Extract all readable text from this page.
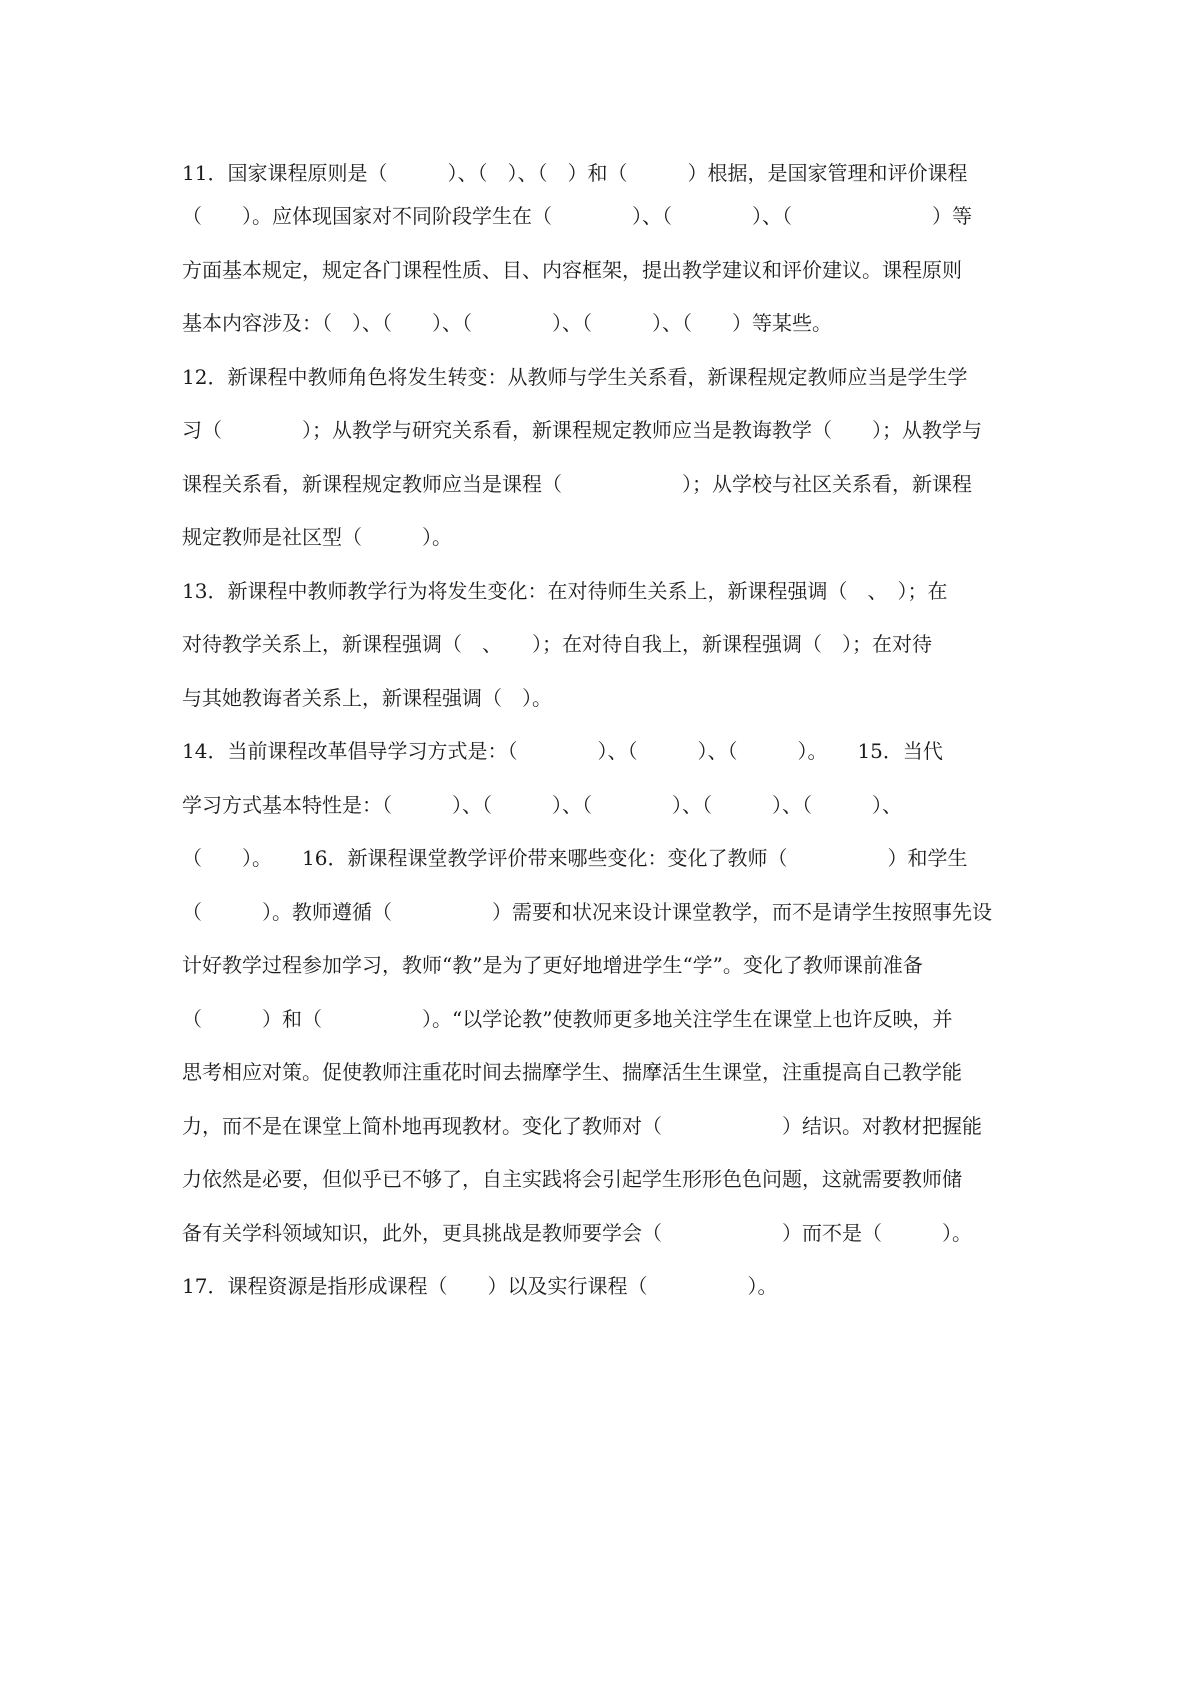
11．国家课程原则是（　　　）、（　）、（　）和（　　　）根据，是国家管理和评价课程
（　　）。应体现国家对不同阶段学生在（　　　　）、（　　　　）、（　　　　　　　）等
方面基本规定，规定各门课程性质、目、内容框架，提出教学建议和评价建议。课程原则
基本内容涉及：（　）、（　　）、（　　　　）、（　　　）、（　　）等某些。
12．新课程中教师角色将发生转变：从教师与学生关系看，新课程规定教师应当是学生学
习（　　　　）；从教学与研究关系看，新课程规定教师应当是教诲教学（　　）；从教学与
课程关系看，新课程规定教师应当是课程（　　　　　　）；从学校与社区关系看，新课程
规定教师是社区型（　　　）。
13．新课程中教师教学行为将发生变化：在对待师生关系上，新课程强调（　、　）；在
对待教学关系上，新课程强调（　、　　）；在对待自我上，新课程强调（　）；在对待
与其她教诲者关系上，新课程强调（　）。
14．当前课程改革倡导学习方式是：（　　　　）、（　　　）、（　　　）。　　15．当代
学习方式基本特性是：（　　　）、（　　　）、（　　　　）、（　　　）、（　　　）、
（　　）。　　16．新课程课堂教学评价带来哪些变化：变化了教师（　　　　　）和学生
（　　　）。教师遵循（　　　　　）需要和状况来设计课堂教学，而不是请学生按照事先设
计好教学过程参加学习，教师“教”是为了更好地增进学生“学”。变化了教师课前准备
（　　　）和（　　　　　）。“以学论教”使教师更多地关注学生在课堂上也许反映，并
思考相应对策。促使教师注重花时间去揣摩学生、揣摩活生生课堂，注重提高自己教学能
力，而不是在课堂上简朴地再现教材。变化了教师对（　　　　　　）结识。对教材把握能
力依然是必要，但似乎已不够了，自主实践将会引起学生形形色色问题，这就需要教师储
备有关学科领域知识，此外，更具挑战是教师要学会（　　　　　　）而不是（　　　）。
17．课程资源是指形成课程（　　）以及实行课程（　　　　　）。
